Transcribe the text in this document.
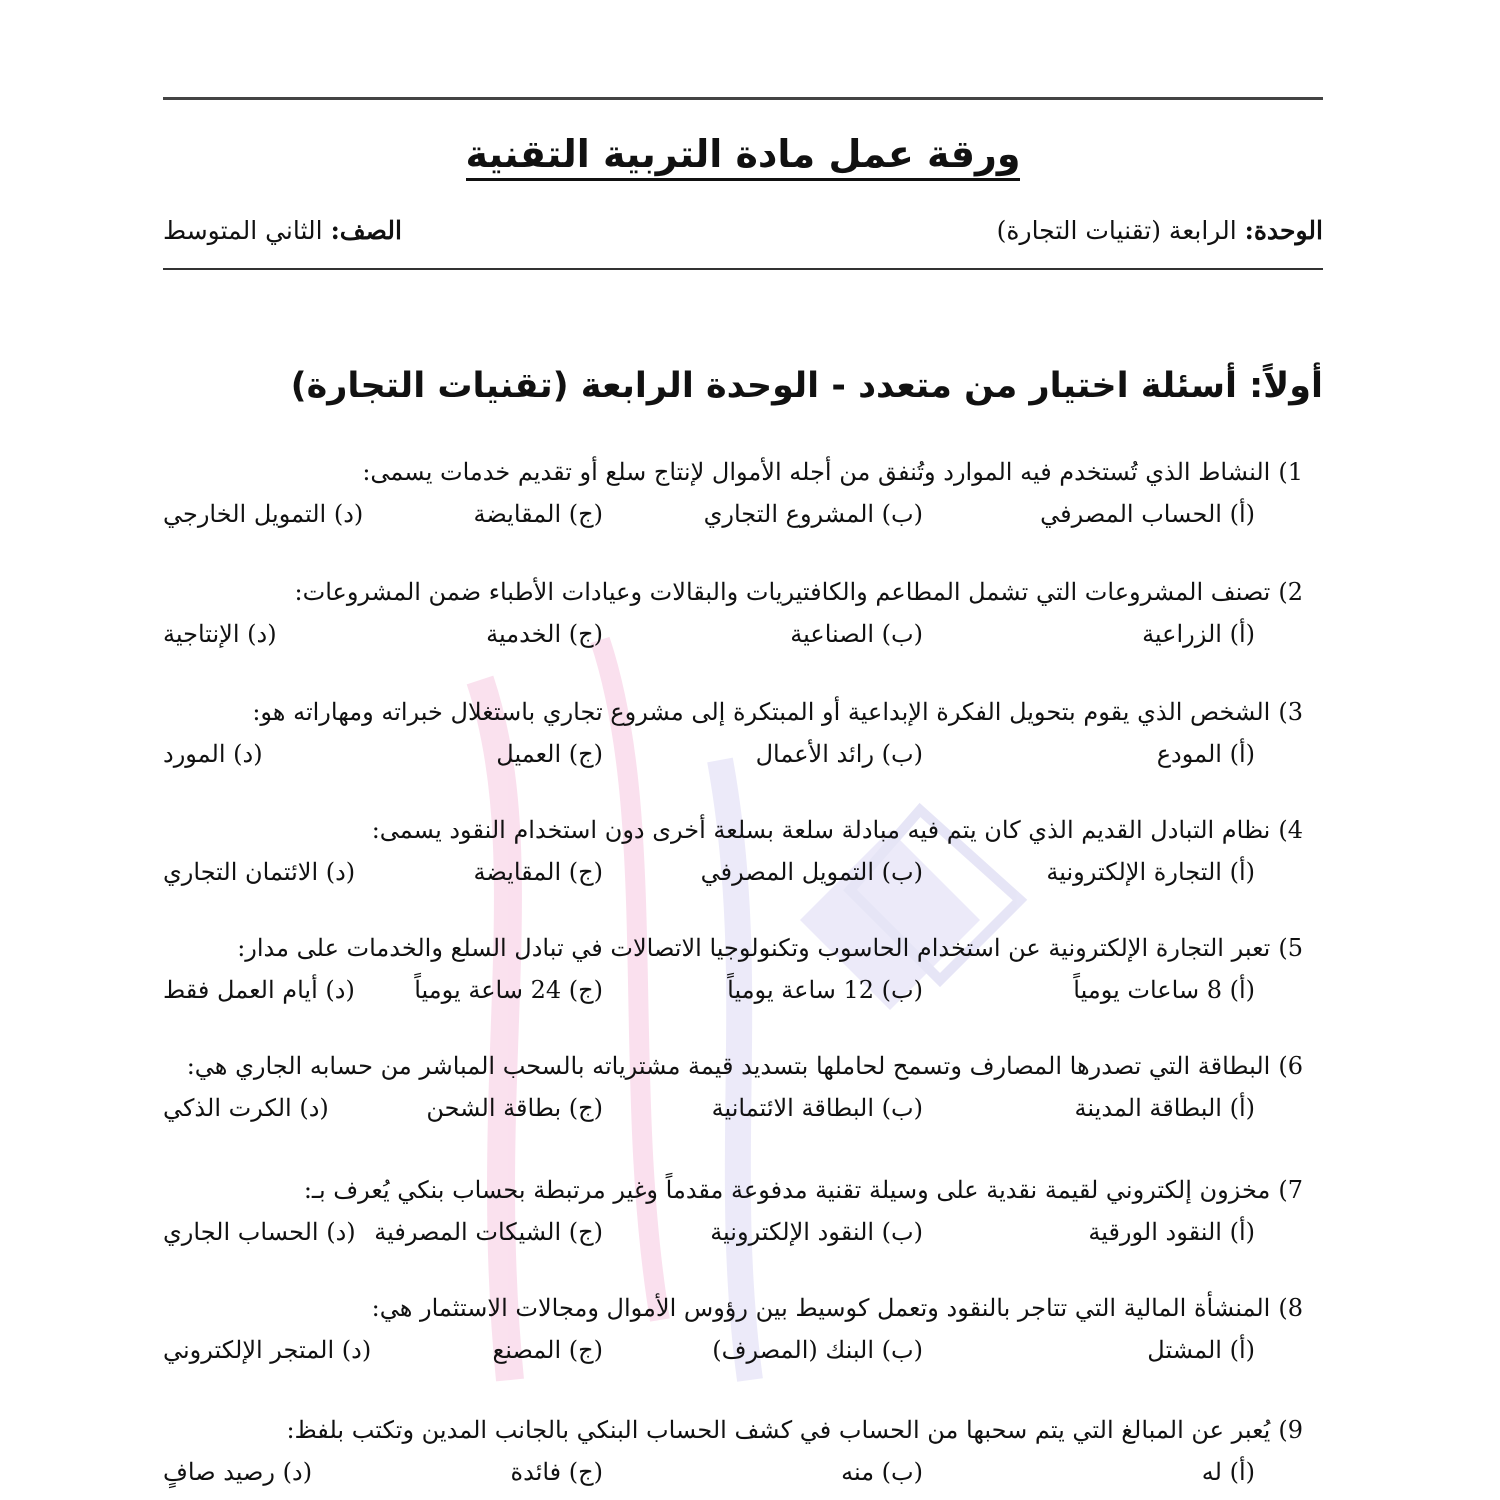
ورقة عمل مادة التربية التقنية
الوحدة: الرابعة (تقنيات التجارة)
الصف: الثاني المتوسط
أولاً: أسئلة اختيار من متعدد - الوحدة الرابعة (تقنيات التجارة)
1)النشاط الذي تُستخدم فيه الموارد وتُنفق من أجله الأموال لإنتاج سلع أو تقديم خدمات يسمى:
(أ) الحساب المصرفي
(ب) المشروع التجاري
(ج) المقايضة
(د) التمويل الخارجي
2)تصنف المشروعات التي تشمل المطاعم والكافتيريات والبقالات وعيادات الأطباء ضمن المشروعات:
(أ) الزراعية
(ب) الصناعية
(ج) الخدمية
(د) الإنتاجية
3)الشخص الذي يقوم بتحويل الفكرة الإبداعية أو المبتكرة إلى مشروع تجاري باستغلال خبراته ومهاراته هو:
(أ) المودع
(ب) رائد الأعمال
(ج) العميل
(د) المورد
4)نظام التبادل القديم الذي كان يتم فيه مبادلة سلعة بسلعة أخرى دون استخدام النقود يسمى:
(أ) التجارة الإلكترونية
(ب) التمويل المصرفي
(ج) المقايضة
(د) الائتمان التجاري
5)تعبر التجارة الإلكترونية عن استخدام الحاسوب وتكنولوجيا الاتصالات في تبادل السلع والخدمات على مدار:
(أ) 8 ساعات يومياً
(ب) 12 ساعة يومياً
(ج) 24 ساعة يومياً
(د) أيام العمل فقط
6)البطاقة التي تصدرها المصارف وتسمح لحاملها بتسديد قيمة مشترياته بالسحب المباشر من حسابه الجاري هي:
(أ) البطاقة المدينة
(ب) البطاقة الائتمانية
(ج) بطاقة الشحن
(د) الكرت الذكي
7)مخزون إلكتروني لقيمة نقدية على وسيلة تقنية مدفوعة مقدماً وغير مرتبطة بحساب بنكي يُعرف بـ:
(أ) النقود الورقية
(ب) النقود الإلكترونية
(ج) الشيكات المصرفية
(د) الحساب الجاري
8)المنشأة المالية التي تتاجر بالنقود وتعمل كوسيط بين رؤوس الأموال ومجالات الاستثمار هي:
(أ) المشتل
(ب) البنك (المصرف)
(ج) المصنع
(د) المتجر الإلكتروني
9)يُعبر عن المبالغ التي يتم سحبها من الحساب في كشف الحساب البنكي بالجانب المدين وتكتب بلفظ:
(أ) له
(ب) منه
(ج) فائدة
(د) رصيد صافٍ
